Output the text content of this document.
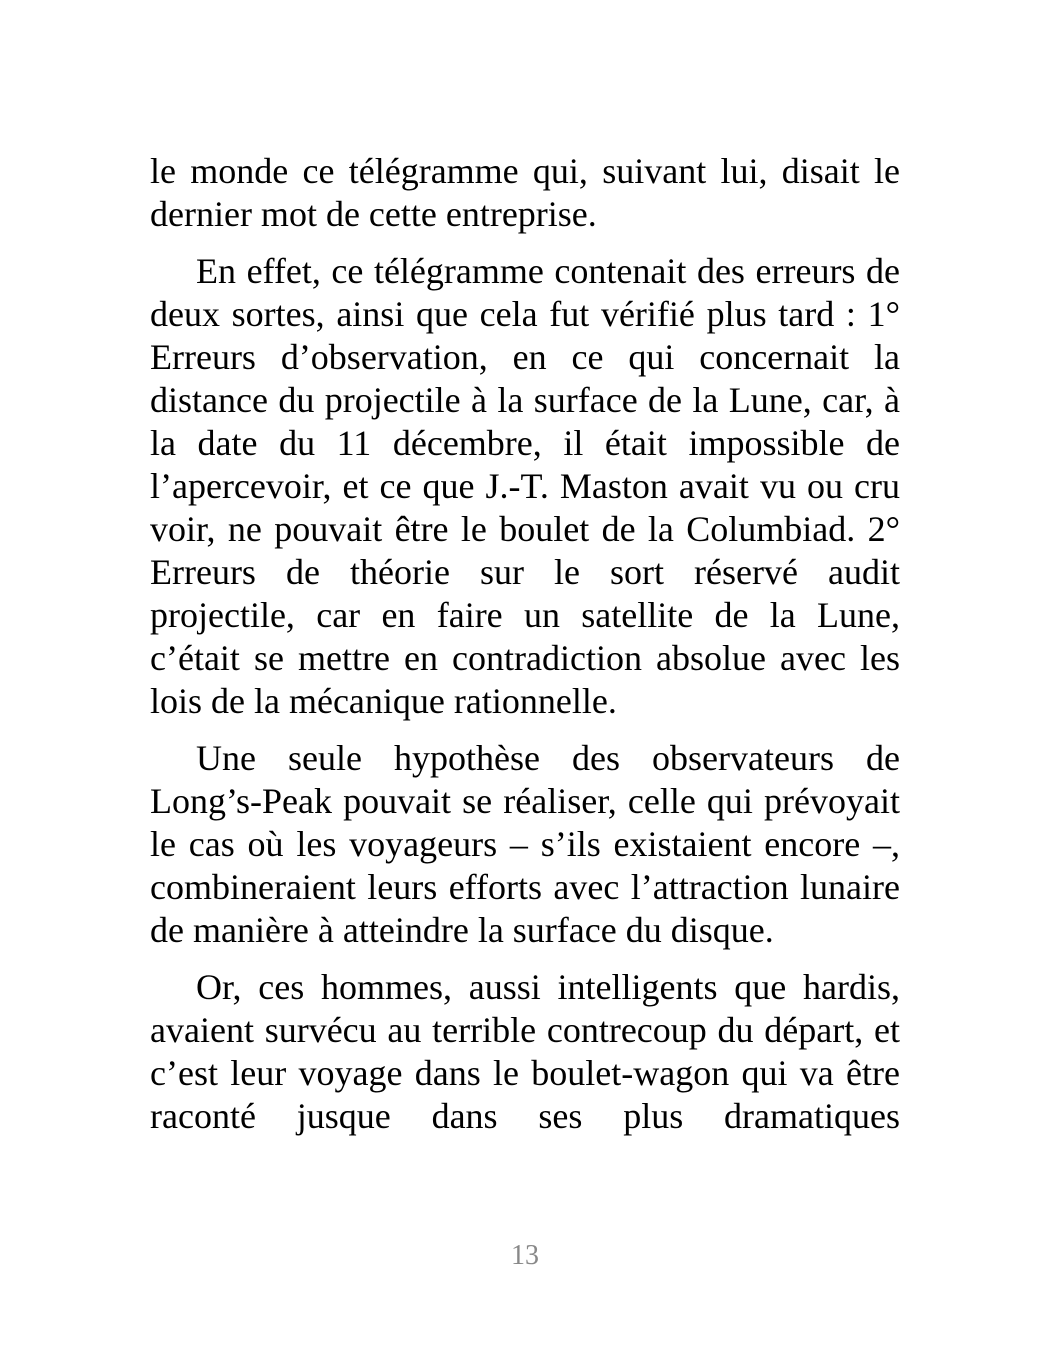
le monde ce télégramme qui, suivant lui, disait le dernier mot de cette entreprise.

En effet, ce télégramme contenait des erreurs de deux sortes, ainsi que cela fut vérifié plus tard : 1° Erreurs d’observation, en ce qui concernait la distance du projectile à la surface de la Lune, car, à la date du 11 décembre, il était impossible de l’apercevoir, et ce que J.-T. Maston avait vu ou cru voir, ne pouvait être le boulet de la Columbiad. 2° Erreurs de théorie sur le sort réservé audit projectile, car en faire un satellite de la Lune, c’était se mettre en contradiction absolue avec les lois de la mécanique rationnelle.

Une seule hypothèse des observateurs de Long’s-Peak pouvait se réaliser, celle qui prévoyait le cas où les voyageurs – s’ils existaient encore –, combineraient leurs efforts avec l’attraction lunaire de manière à atteindre la surface du disque.

Or, ces hommes, aussi intelligents que hardis, avaient survécu au terrible contrecoup du départ, et c’est leur voyage dans le boulet-wagon qui va être raconté jusque dans ses plus dramatiques

13
